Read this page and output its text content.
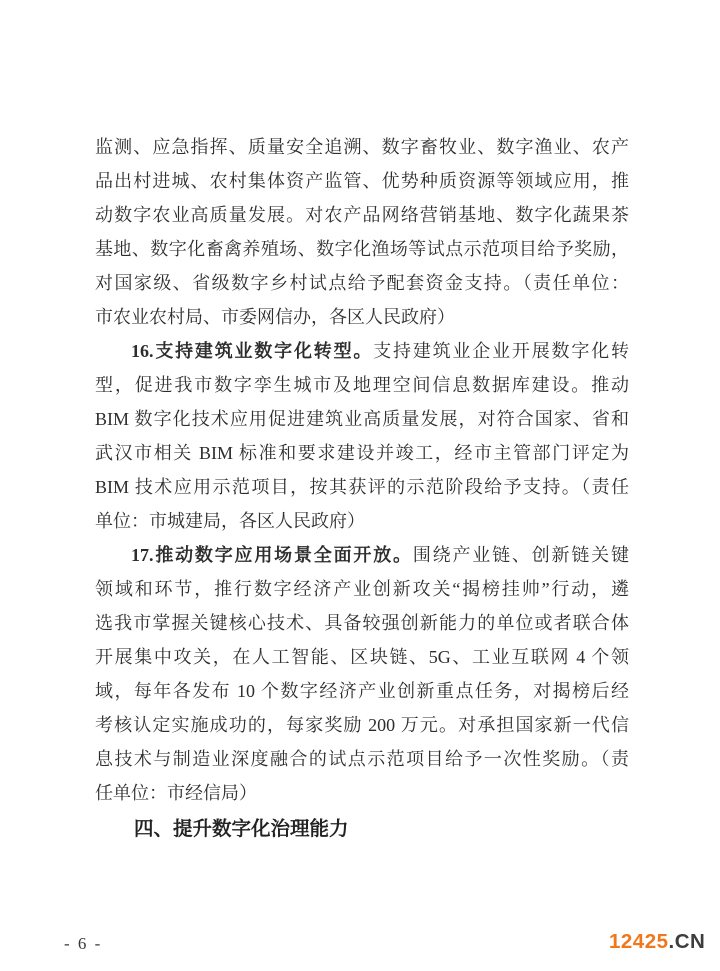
监测、应急指挥、质量安全追溯、数字畜牧业、数字渔业、农产
品出村进城、农村集体资产监管、优势种质资源等领域应用，推
动数字农业高质量发展。对农产品网络营销基地、数字化蔬果茶
基地、数字化畜禽养殖场、数字化渔场等试点示范项目给予奖励，
对国家级、省级数字乡村试点给予配套资金支持。（责任单位：
市农业农村局、市委网信办，各区人民政府）
16.支持建筑业数字化转型。支持建筑业企业开展数字化转
型，促进我市数字孪生城市及地理空间信息数据库建设。推动
BIM 数字化技术应用促进建筑业高质量发展，对符合国家、省和
武汉市相关 BIM 标准和要求建设并竣工，经市主管部门评定为
BIM 技术应用示范项目，按其获评的示范阶段给予支持。（责任
单位：市城建局，各区人民政府）
17.推动数字应用场景全面开放。围绕产业链、创新链关键
领域和环节，推行数字经济产业创新攻关“揭榜挂帅”行动，遴
选我市掌握关键核心技术、具备较强创新能力的单位或者联合体
开展集中攻关，在人工智能、区块链、5G、工业互联网 4 个领
域，每年各发布 10 个数字经济产业创新重点任务，对揭榜后经
考核认定实施成功的，每家奖励 200 万元。对承担国家新一代信
息技术与制造业深度融合的试点示范项目给予一次性奖励。（责
任单位：市经信局）
四、提升数字化治理能力
- 6 -	12425.CN
